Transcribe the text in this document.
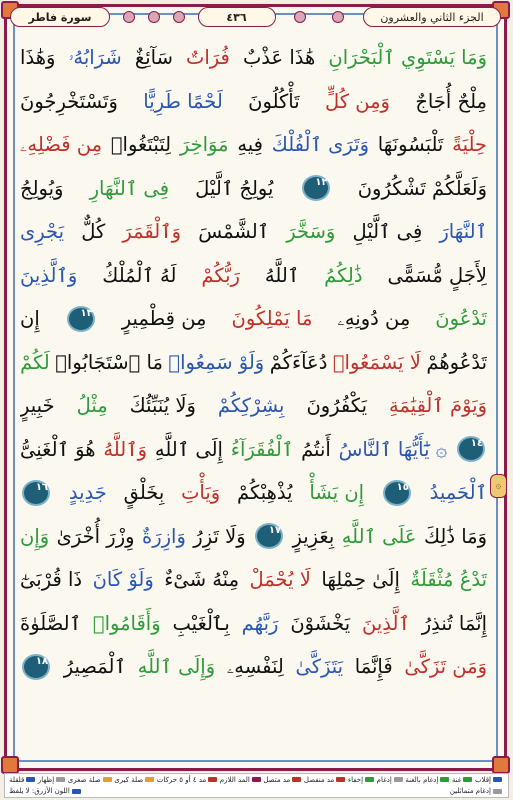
سورة فاطر	٤٣٦	الجزء الثاني والعشرون
وَمَا يَسْتَوِي ٱلْبَحْرَانِ
هَٰذَا عَذْبٌ
فُرَاتٌ
سَآئِغٌ
شَرَابُهُۥ
وَهَٰذَا
مِلْحٌ أُجَاجٌ
وَمِن كُلٍّ
تَأْكُلُونَ
لَحْمًا طَرِيًّا
وَتَسْتَخْرِجُونَ
حِلْيَةً
تَلْبَسُونَهَا
وَتَرَى ٱلْفُلْكَ
فِيهِ
مَوَاخِرَ
لِتَبْتَغُوا۟
مِن فَضْلِهِۦ
وَلَعَلَّكُمْ تَشْكُرُونَ
١٢
يُولِجُ ٱلَّيْلَ
فِى ٱلنَّهَارِ
وَيُولِجُ
ٱلنَّهَارَ
فِى ٱلَّيْلِ
وَسَخَّرَ
ٱلشَّمْسَ
وَٱلْقَمَرَ
كُلٌّ
يَجْرِى
لِأَجَلٍ مُّسَمًّى
ذَٰلِكُمُ
ٱللَّهُ
رَبُّكُمْ
لَهُ ٱلْمُلْكُ
وَٱلَّذِينَ
تَدْعُونَ
مِن دُونِهِۦ
مَا يَمْلِكُونَ
مِن قِطْمِيرٍ
١٣
إِن
تَدْعُوهُمْ
لَا يَسْمَعُوا۟
دُعَآءَكُمْ
وَلَوْ سَمِعُوا۟
مَا ٱسْتَجَابُوا۟
لَكُمْ
وَيَوْمَ ٱلْقِيَٰمَةِ
يَكْفُرُونَ
بِشِرْكِكُمْ
وَلَا يُنَبِّئُكَ
مِثْلُ
خَبِيرٍ
١٤
۞ يَٰٓأَيُّهَا ٱلنَّاسُ
أَنتُمُ
ٱلْفُقَرَآءُ
إِلَى ٱللَّهِ
وَٱللَّهُ
هُوَ ٱلْغَنِىُّ
ٱلْحَمِيدُ
١٥
إِن يَشَأْ
يُذْهِبْكُمْ
وَيَأْتِ
بِخَلْقٍ
جَدِيدٍ
١٦
وَمَا ذَٰلِكَ
عَلَى ٱللَّهِ
بِعَزِيزٍ
١٧
وَلَا تَزِرُ
وَازِرَةٌ
وِزْرَ أُخْرَىٰ
وَإِن
تَدْعُ مُثْقَلَةٌ
إِلَىٰ حِمْلِهَا
لَا يُحْمَلْ
مِنْهُ شَىْءٌ
وَلَوْ كَانَ
ذَا قُرْبَىٰٓ
إِنَّمَا تُنذِرُ
ٱلَّذِينَ
يَخْشَوْنَ
رَبَّهُم
بِٱلْغَيْبِ
وَأَقَامُوا۟
ٱلصَّلَوٰةَ
وَمَن تَزَكَّىٰ
فَإِنَّمَا
يَتَزَكَّىٰ
لِنَفْسِهِۦ
وَإِلَى ٱللَّهِ
ٱلْمَصِيرُ
١٨
۞
إقلاب
غنة
إدغام بالغنة
إدغام
إخفاء
مد منفصل
مد متصل
المد اللازم
مد ٤ أو ٥ حركات
صلة كبرى
صلة صغرى
إظهار
قلقلة
إدغام متماثلين
اللون الأزرق: لا يلفظ
